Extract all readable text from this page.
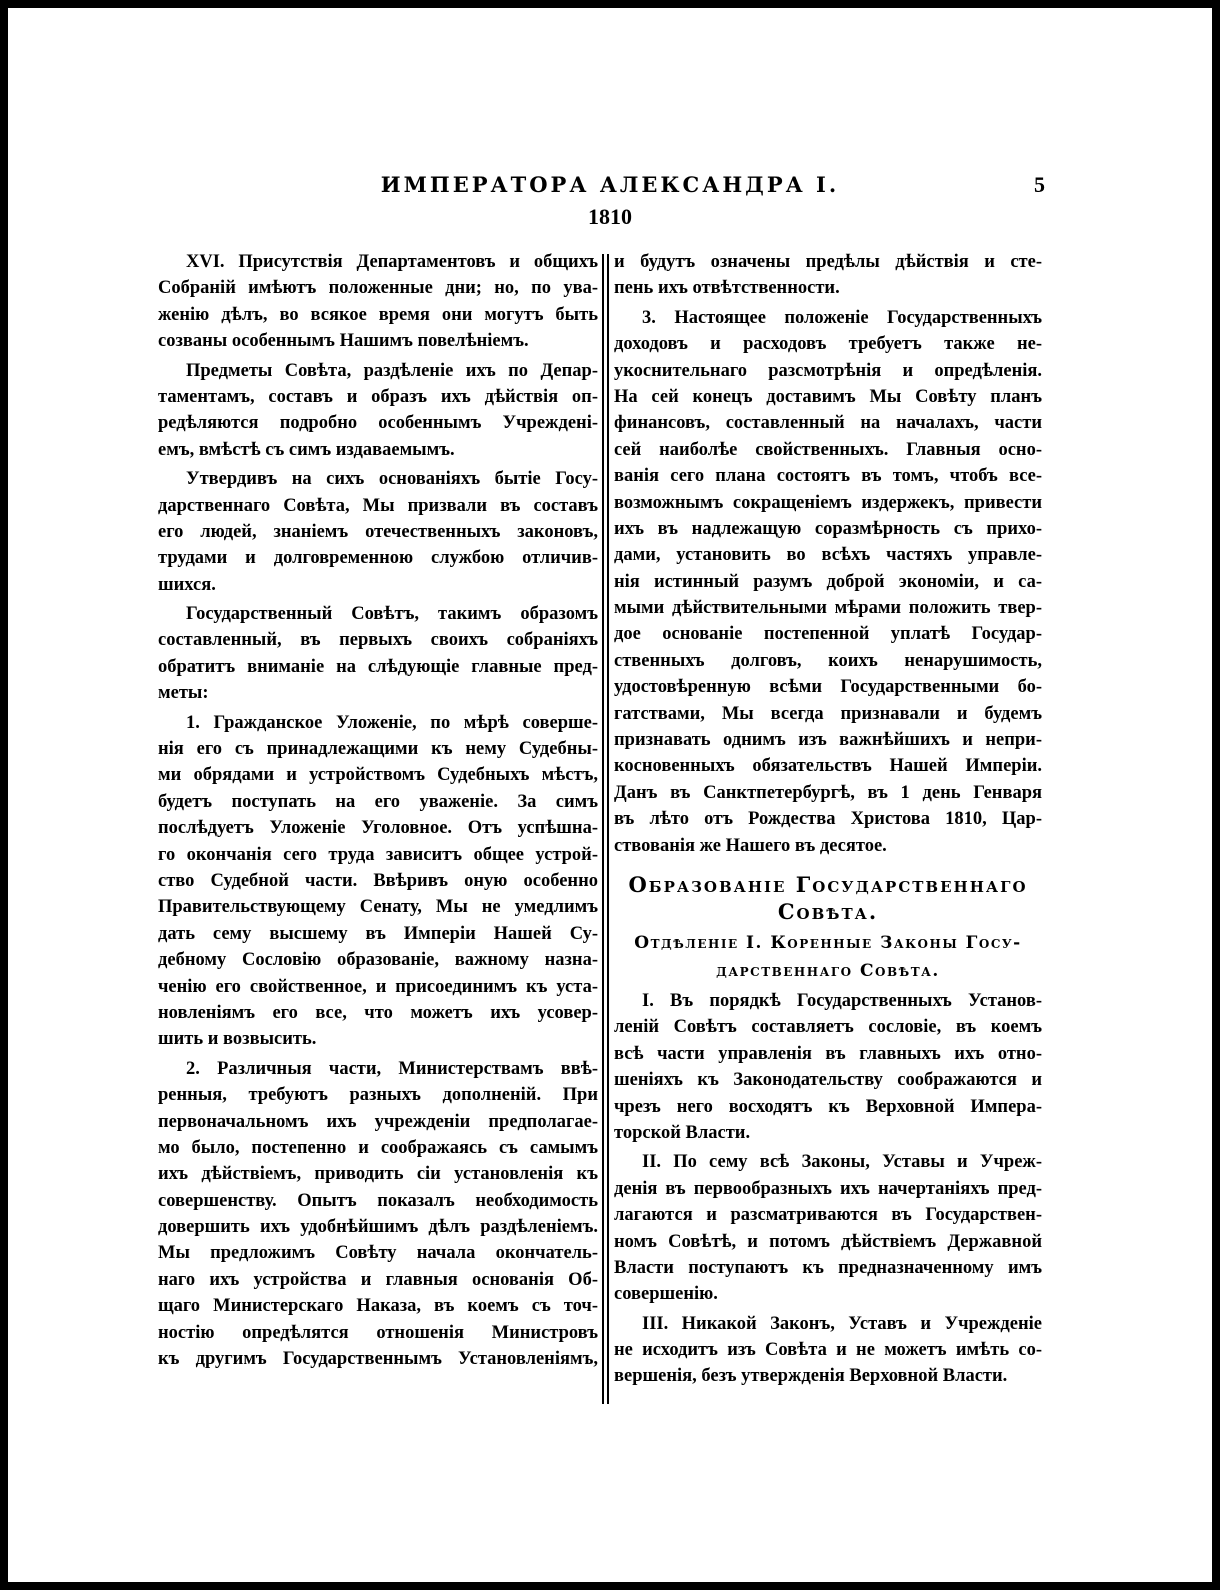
ИМПЕРАТОРА АЛЕКСАНДРА I.	5
1810
XVI. Присутствія Департаментовъ и общихъ
Собраній имѣютъ положенные дни; но, по ува-
женію дѣлъ, во всякое время они могутъ быть
созваны особеннымъ Нашимъ повелѣніемъ.
Предметы Совѣта, раздѣленіе ихъ по Депар-
таментамъ, составъ и образъ ихъ дѣйствія оп-
редѣляются подробно особеннымъ Учреждені-
емъ, вмѣстѣ съ симъ издаваемымъ.
Утвердивъ на сихъ основаніяхъ бытіе Госу-
дарственнаго Совѣта, Мы призвали въ составъ
его людей, знаніемъ отечественныхъ законовъ,
трудами и долговременною службою отличив-
шихся.
Государственный Совѣтъ, такимъ образомъ
составленный, въ первыхъ своихъ собраніяхъ
обратитъ вниманіе на слѣдующіе главные пред-
меты:
1. Гражданское Уложеніе, по мѣрѣ соверше-
нія его съ принадлежащими къ нему Судебны-
ми обрядами и устройствомъ Судебныхъ мѣстъ,
будетъ поступать на его уваженіе. За симъ
послѣдуетъ Уложеніе Уголовное. Отъ успѣшна-
го окончанія сего труда зависитъ общее устрой-
ство Судебной части. Ввѣривъ оную особенно
Правительствующему Сенату, Мы не умедлимъ
дать сему высшему въ Имперіи Нашей Су-
дебному Сословію образованіе, важному назна-
ченію его свойственное, и присоединимъ къ уста-
новленіямъ его все, что можетъ ихъ усовер-
шить и возвысить.
2. Различныя части, Министерствамъ ввѣ-
ренныя, требуютъ разныхъ дополненій. При
первоначальномъ ихъ учрежденіи предполагае-
мо было, постепенно и соображаясь съ самымъ
ихъ дѣйствіемъ, приводить сіи установленія къ
совершенству. Опытъ показалъ необходимость
довершить ихъ удобнѣйшимъ дѣлъ раздѣленіемъ.
Мы предложимъ Совѣту начала окончатель-
наго ихъ устройства и главныя основанія Об-
щаго Министерскаго Наказа, въ коемъ съ точ-
ностію опредѣлятся отношенія Министровъ
къ другимъ Государственнымъ Установленіямъ,
и будутъ означены предѣлы дѣйствія и сте-
пень ихъ отвѣтственности.
3. Настоящее положеніе Государственныхъ
доходовъ и расходовъ требуетъ также не-
укоснительнаго разсмотрѣнія и опредѣленія.
На сей конецъ доставимъ Мы Совѣту планъ
финансовъ, составленный на началахъ, части
сей наиболѣе свойственныхъ. Главныя осно-
ванія сего плана состоятъ въ томъ, чтобъ все-
возможнымъ сокращеніемъ издержекъ, привести
ихъ въ надлежащую соразмѣрность съ прихо-
дами, установить во всѣхъ частяхъ управле-
нія истинный разумъ доброй экономіи, и са-
мыми дѣйствительными мѣрами положить твер-
дое основаніе постепенной уплатѣ Государ-
ственныхъ долговъ, коихъ ненарушимость,
удостовѣренную всѣми Государственными бо-
гатствами, Мы всегда признавали и будемъ
признавать однимъ изъ важнѣйшихъ и непри-
косновенныхъ обязательствъ Нашей Имперіи.
Данъ въ Санктпетербургѣ, въ 1 день Генваря
въ лѣто отъ Рождества Христова 1810, Цар-
ствованія же Нашего въ десятое.
Образованіе Государственнаго
Совѣта.
Отдѣленіе I. Коренные Законы Госу-
дарственнаго Совѣта.
I. Въ порядкѣ Государственныхъ Установ-
леній Совѣтъ составляетъ сословіе, въ коемъ
всѣ части управленія въ главныхъ ихъ отно-
шеніяхъ къ Законодательству соображаются и
чрезъ него восходятъ къ Верховной Импера-
торской Власти.
II. По сему всѣ Законы, Уставы и Учреж-
денія въ первообразныхъ ихъ начертаніяхъ пред-
лагаются и разсматриваются въ Государствен-
номъ Совѣтѣ, и потомъ дѣйствіемъ Державной
Власти поступаютъ къ предназначенному имъ
совершенію.
III. Никакой Законъ, Уставъ и Учрежденіе
не исходитъ изъ Совѣта и не можетъ имѣть со-
вершенія, безъ утвержденія Верховной Власти.
